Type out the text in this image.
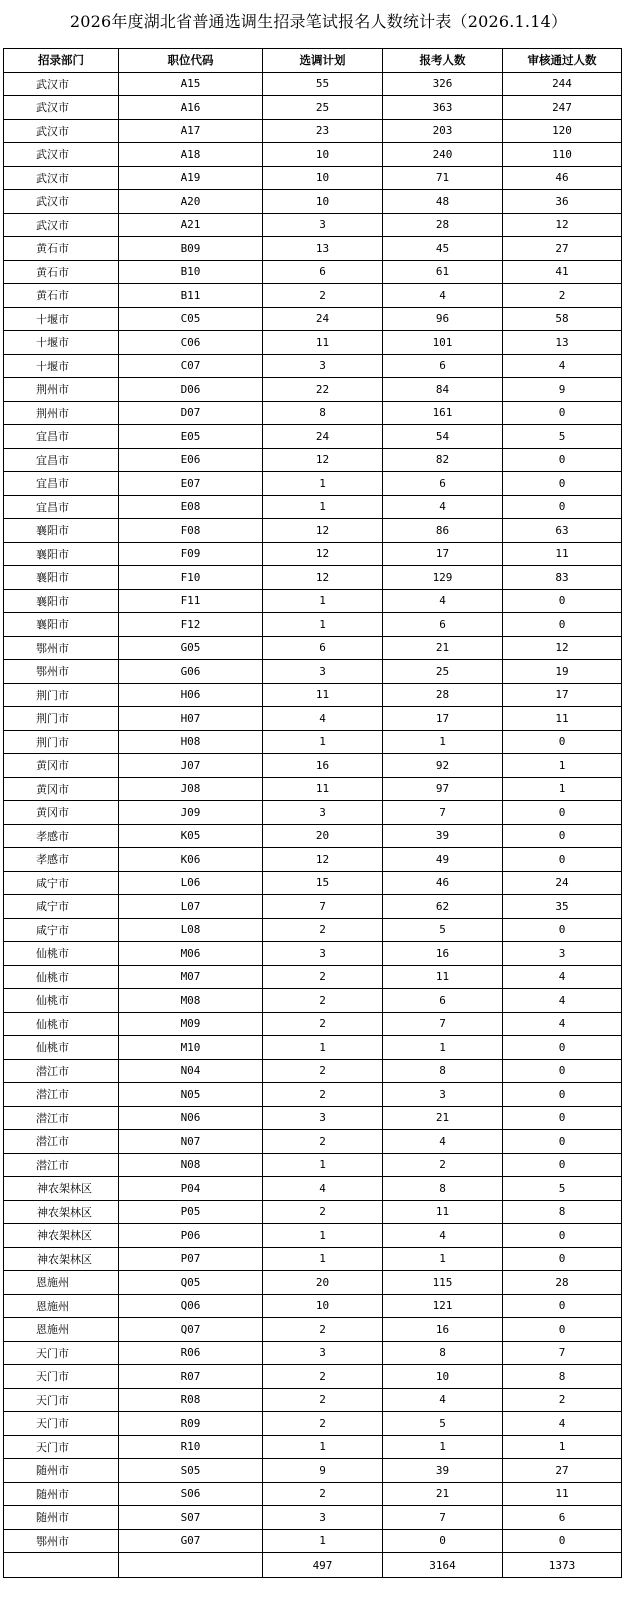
2026年度湖北省普通选调生招录笔试报名人数统计表（2026.1.14）
招录部门	职位代码	选调计划	报考人数	审核通过人数
武汉市	A15	55	326	244
武汉市	A16	25	363	247
武汉市	A17	23	203	120
武汉市	A18	10	240	110
武汉市	A19	10	71	46
武汉市	A20	10	48	36
武汉市	A21	3	28	12
黄石市	B09	13	45	27
黄石市	B10	6	61	41
黄石市	B11	2	4	2
十堰市	C05	24	96	58
十堰市	C06	11	101	13
十堰市	C07	3	6	4
荆州市	D06	22	84	9
荆州市	D07	8	161	0
宜昌市	E05	24	54	5
宜昌市	E06	12	82	0
宜昌市	E07	1	6	0
宜昌市	E08	1	4	0
襄阳市	F08	12	86	63
襄阳市	F09	12	17	11
襄阳市	F10	12	129	83
襄阳市	F11	1	4	0
襄阳市	F12	1	6	0
鄂州市	G05	6	21	12
鄂州市	G06	3	25	19
荆门市	H06	11	28	17
荆门市	H07	4	17	11
荆门市	H08	1	1	0
黄冈市	J07	16	92	1
黄冈市	J08	11	97	1
黄冈市	J09	3	7	0
孝感市	K05	20	39	0
孝感市	K06	12	49	0
咸宁市	L06	15	46	24
咸宁市	L07	7	62	35
咸宁市	L08	2	5	0
仙桃市	M06	3	16	3
仙桃市	M07	2	11	4
仙桃市	M08	2	6	4
仙桃市	M09	2	7	4
仙桃市	M10	1	1	0
潜江市	N04	2	8	0
潜江市	N05	2	3	0
潜江市	N06	3	21	0
潜江市	N07	2	4	0
潜江市	N08	1	2	0
神农架林区	P04	4	8	5
神农架林区	P05	2	11	8
神农架林区	P06	1	4	0
神农架林区	P07	1	1	0
恩施州	Q05	20	115	28
恩施州	Q06	10	121	0
恩施州	Q07	2	16	0
天门市	R06	3	8	7
天门市	R07	2	10	8
天门市	R08	2	4	2
天门市	R09	2	5	4
天门市	R10	1	1	1
随州市	S05	9	39	27
随州市	S06	2	21	11
随州市	S07	3	7	6
鄂州市	G07	1	0	0
		497	3164	1373
